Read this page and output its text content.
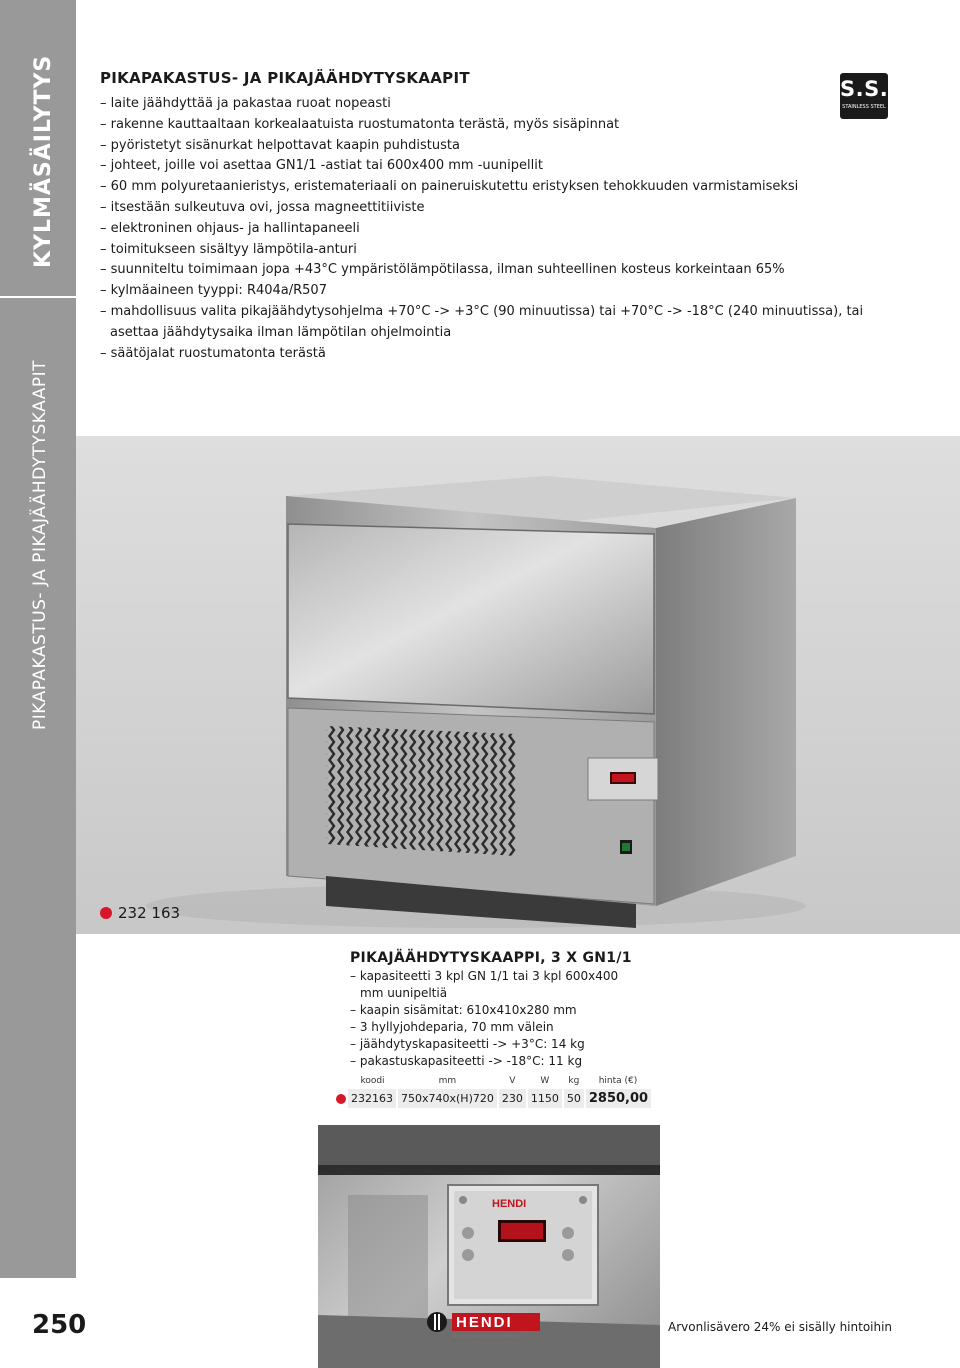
KYLMÄSÄILYTYS
PIKAPAKASTUS- JA PIKAJÄÄHDYTYSKAAPIT
250
PIKAPAKASTUS- JA PIKAJÄÄHDYTYSKAAPIT
– laite jäähdyttää ja pakastaa ruoat nopeasti
– rakenne kauttaaltaan korkealaatuista ruostumatonta terästä, myös sisäpinnat
– pyöristetyt sisänurkat helpottavat kaapin puhdistusta
– johteet, joille voi asettaa GN1/1 -astiat tai 600x400 mm -uunipellit
– 60 mm polyuretaanieristys, eristemateriaali on paineruiskutettu eristyksen tehokkuuden varmistamiseksi
– itsestään sulkeutuva ovi, jossa magneettitiiviste
– elektroninen ohjaus- ja hallintapaneeli
– toimitukseen sisältyy lämpötila-anturi
– suunniteltu toimimaan jopa +43°C ympäristölämpötilassa, ilman suhteellinen kosteus korkeintaan 65%
– kylmäaineen tyyppi: R404a/R507
– mahdollisuus valita pikajäähdytysohjelma +70°C -> +3°C (90 minuutissa) tai +70°C -> -18°C (240 minuutissa), tai asettaa jäähdytysaika ilman lämpötilan ohjelmointia
– säätöjalat ruostumatonta terästä
S.S.
STAINLESS STEEL
232 163
PIKAJÄÄHDYTYSKAAPPI, 3 X GN1/1
– kapasiteetti 3 kpl GN 1/1 tai 3 kpl 600x400 mm uunipeltiä
– kaapin sisämitat: 610x410x280 mm
– 3 hyllyjohdeparia, 70 mm välein
– jäähdytyskapasiteetti -> +3°C: 14 kg
– pakastuskapasiteetti -> -18°C: 11 kg
koodi	mm	V	W	kg	hinta (€)
232163	750x740x(H)720	230	1150	50	2850,00
HENDI
HENDI
FOOD SERVICE EQUIPMENT
Arvonlisävero 24% ei sisälly hintoihin
